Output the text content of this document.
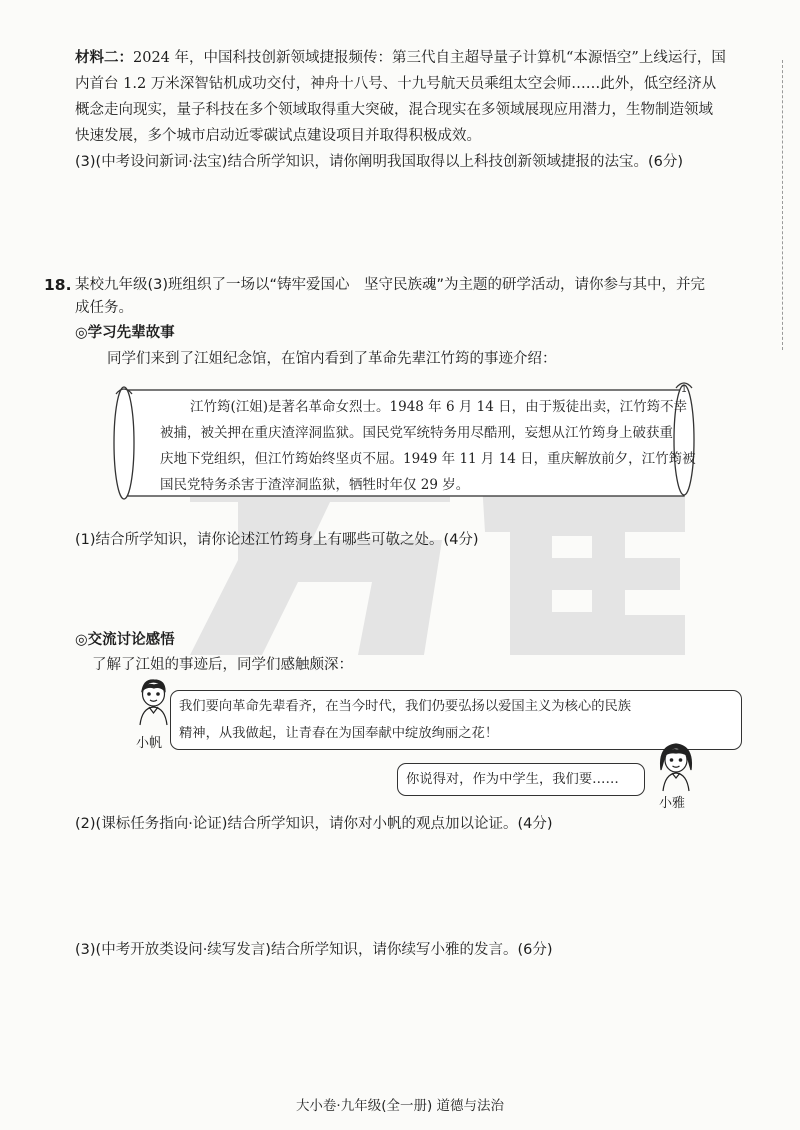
材料二：2024 年，中国科技创新领域捷报频传：第三代自主超导量子计算机“本源悟空”上线运行，国
内首台 1.2 万米深智钻机成功交付，神舟十八号、十九号航天员乘组太空会师……此外，低空经济从
概念走向现实，量子科技在多个领域取得重大突破，混合现实在多领域展现应用潜力，生物制造领域
快速发展，多个城市启动近零碳试点建设项目并取得积极成效。
(3)(中考设问新词·法宝)结合所学知识，请你阐明我国取得以上科技创新领域捷报的法宝。(6分)
18. 某校九年级(3)班组织了一场以“铸牢爱国心　坚守民族魂”为主题的研学活动，请你参与其中，并完
成任务。
◎学习先辈故事
同学们来到了江姐纪念馆，在馆内看到了革命先辈江竹筠的事迹介绍：
1
江竹筠(江姐)是著名革命女烈士。1948 年 6 月 14 日，由于叛徒出卖，江竹筠不幸
被捕，被关押在重庆渣滓洞监狱。国民党军统特务用尽酷刑，妄想从江竹筠身上破获重
庆地下党组织，但江竹筠始终坚贞不屈。1949 年 11 月 14 日，重庆解放前夕，江竹筠被
国民党特务杀害于渣滓洞监狱，牺牲时年仅 29 岁。
(1)结合所学知识，请你论述江竹筠身上有哪些可敬之处。(4分)
◎交流讨论感悟
了解了江姐的事迹后，同学们感触颇深：
小帆
我们要向革命先辈看齐，在当今时代，我们仍要弘扬以爱国主义为核心的民族
精神，从我做起，让青春在为国奉献中绽放绚丽之花！
你说得对，作为中学生，我们要……
小雅
(2)(课标任务指向·论证)结合所学知识，请你对小帆的观点加以论证。(4分)
(3)(中考开放类设问·续写发言)结合所学知识，请你续写小雅的发言。(6分)
大小卷·九年级(全一册) 道德与法治
